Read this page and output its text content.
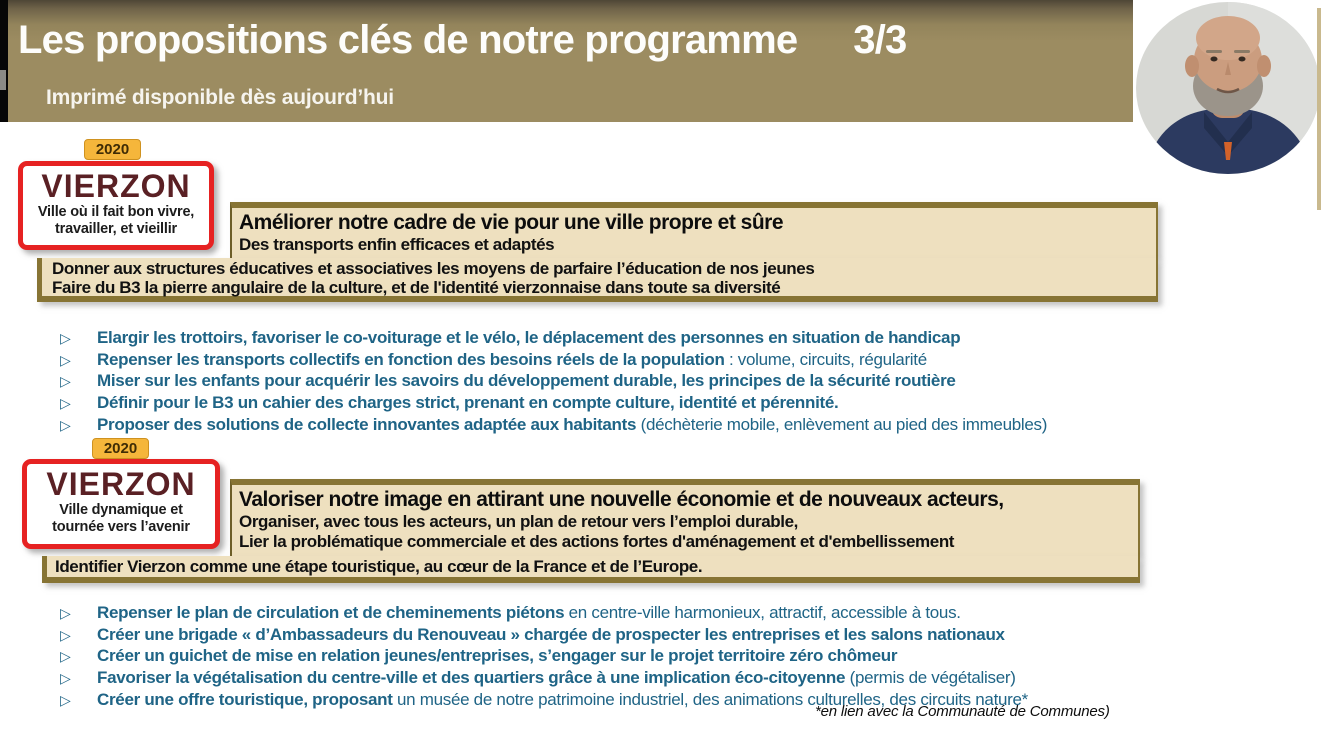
Les propositions clés de notre programme 3/3
Imprimé disponible dès aujourd’hui
2020
VIERZON
Ville où il fait bon vivre,
travailler, et vieillir	Améliorer notre cadre de vie pour une ville propre et sûre
Des transports enfin efficaces et adaptés
Donner aux structures éducatives et associatives les moyens de parfaire l’éducation de nos jeunes
Faire du B3 la pierre angulaire de la culture, et de l'identité vierzonnaise dans toute sa diversité
▷	Elargir les trottoirs, favoriser le co-voiturage et le vélo, le déplacement des personnes en situation de handicap
▷	Repenser les transports collectifs en fonction des besoins réels de la population : volume, circuits, régularité
▷	Miser sur les enfants pour acquérir les savoirs du développement durable, les principes de la sécurité routière
▷	Définir pour le B3 un cahier des charges strict, prenant en compte culture, identité et pérennité.
▷	Proposer des solutions de collecte innovantes adaptée aux habitants (déchèterie mobile, enlèvement au pied des immeubles)
2020
VIERZON
Ville dynamique et
tournée vers l’avenir
Valoriser notre image en attirant une nouvelle économie et de nouveaux acteurs,
Organiser, avec tous les acteurs, un plan de retour vers l’emploi durable,
Lier la problématique commerciale et des actions fortes d'aménagement et d'embellissement
Identifier Vierzon comme une étape touristique, au cœur de la France et de l’Europe.
▷	Repenser le plan de circulation et de cheminements piétons en centre-ville harmonieux, attractif, accessible à tous.
▷	Créer une brigade « d’Ambassadeurs du Renouveau » chargée de prospecter les entreprises et les salons nationaux
▷	Créer un guichet de mise en relation jeunes/entreprises, s’engager sur le projet territoire zéro chômeur
▷	Favoriser la végétalisation du centre-ville et des quartiers grâce à une implication éco-citoyenne (permis de végétaliser)
▷	Créer une offre touristique, proposant un musée de notre patrimoine industriel, des animations culturelles, des circuits nature*
*en lien avec la Communauté de Communes)
